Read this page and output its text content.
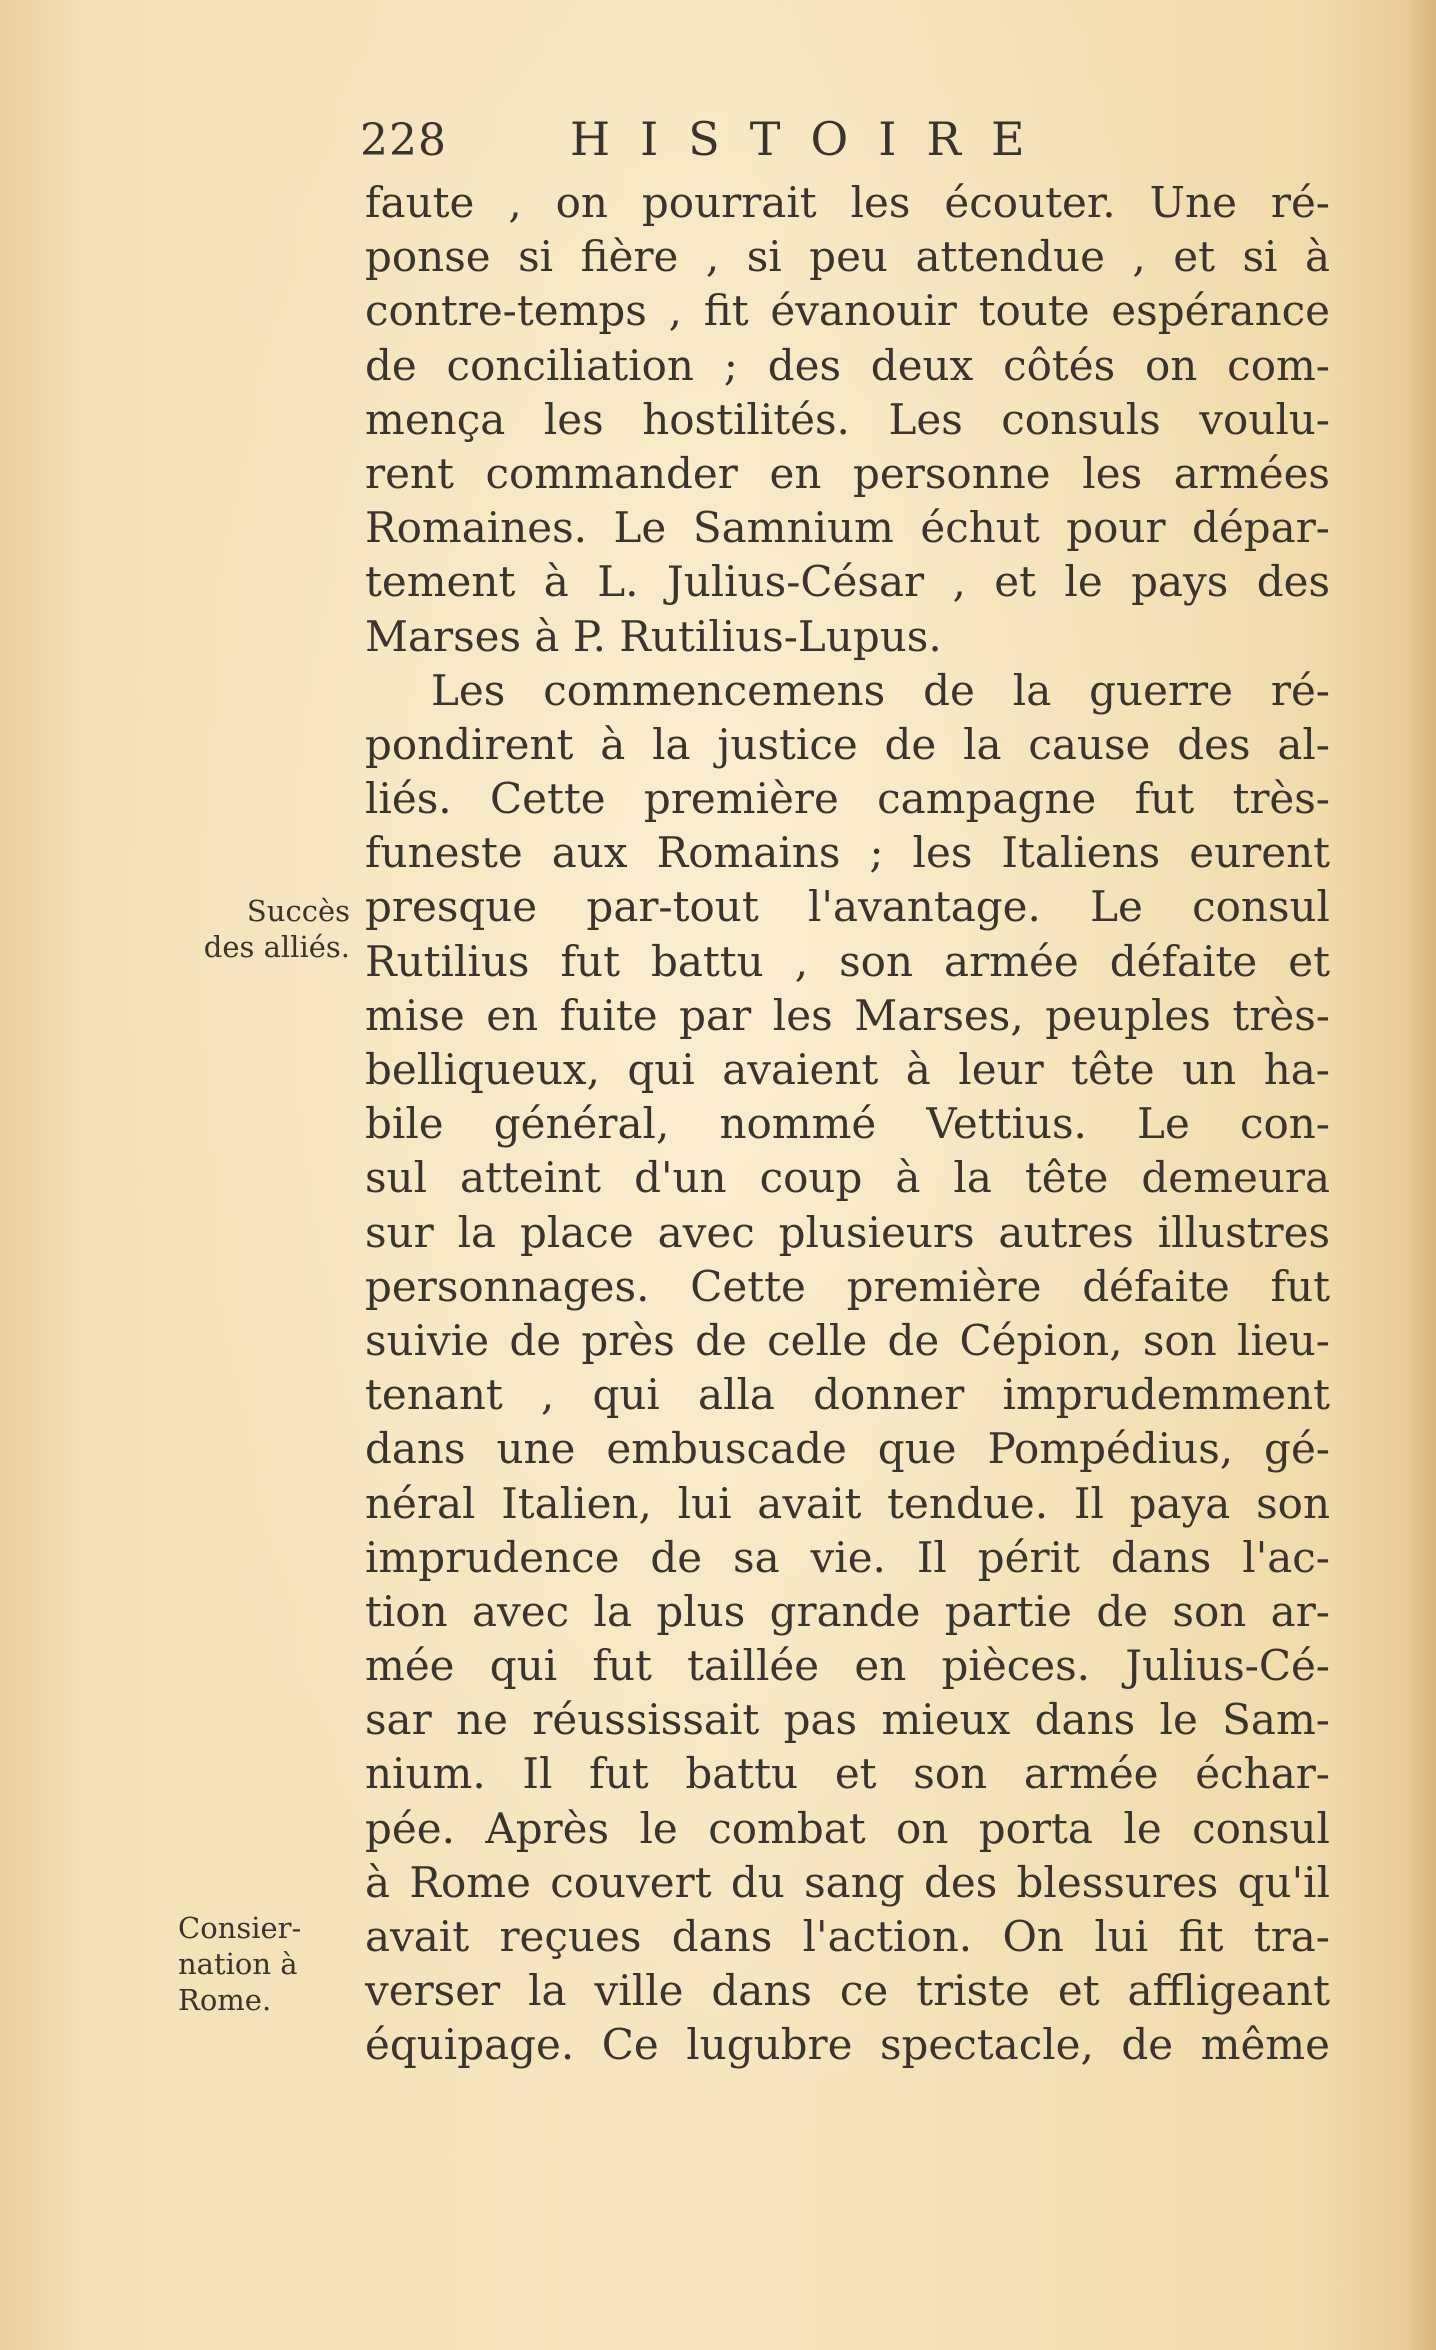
228	HISTOIRE
faute , on pourrait les écouter. Une ré-
ponse si fière , si peu attendue , et si à
contre-temps , fit évanouir toute espérance
de conciliation ; des deux côtés on com-
mença les hostilités. Les consuls voulu-
rent commander en personne les armées
Romaines. Le Samnium échut pour dépar-
tement à L. Julius-César , et le pays des
Marses à P. Rutilius-Lupus.
Les commencemens de la guerre ré-
pondirent à la justice de la cause des al-
liés. Cette première campagne fut très-
funeste aux Romains ; les Italiens eurent
presque par-tout l'avantage. Le consul
Rutilius fut battu , son armée défaite et
mise en fuite par les Marses, peuples très-
belliqueux, qui avaient à leur tête un ha-
bile général, nommé Vettius. Le con-
sul atteint d'un coup à la tête demeura
sur la place avec plusieurs autres illustres
personnages. Cette première défaite fut
suivie de près de celle de Cépion, son lieu-
tenant , qui alla donner imprudemment
dans une embuscade que Pompédius, gé-
néral Italien, lui avait tendue. Il paya son
imprudence de sa vie. Il périt dans l'ac-
tion avec la plus grande partie de son ar-
mée qui fut taillée en pièces. Julius-Cé-
sar ne réussissait pas mieux dans le Sam-
nium. Il fut battu et son armée échar-
pée. Après le combat on porta le consul
à Rome couvert du sang des blessures qu'il
avait reçues dans l'action. On lui fit tra-
verser la ville dans ce triste et affligeant
équipage. Ce lugubre spectacle, de même
Succès
des alliés.
Consier-
nation à
Rome.
